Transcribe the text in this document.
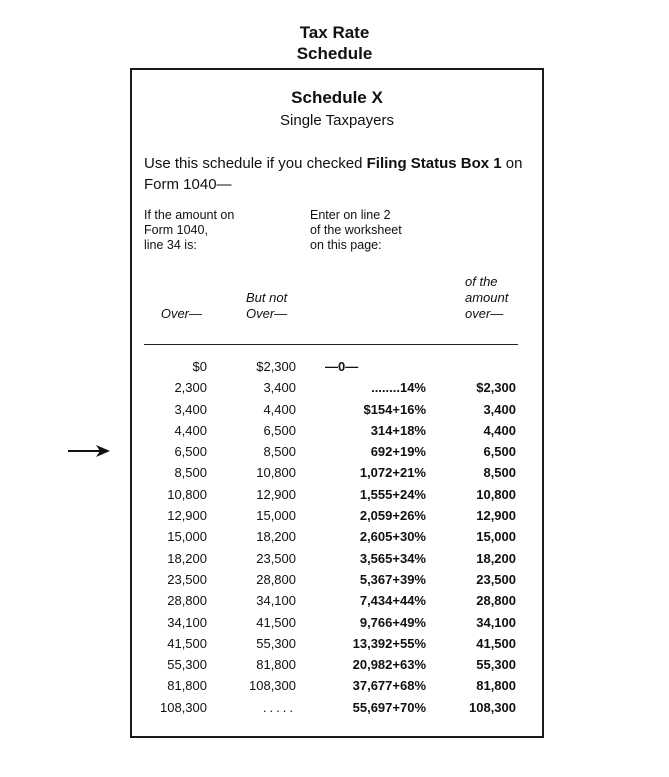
Tax Rate
Schedule
Schedule X
Single Taxpayers
Use this schedule if you checked Filing Status Box 1 on Form 1040—
If the amount on
Form 1040,
line 34 is:
Enter on line 2
of the worksheet
on this page:
Over—
But not
Over—
of the
amount
over—
$0	$2,300 —0—
2,300	3,400	........14%	$2,300
3,400	4,400	$154+16%	3,400
4,400	6,500	314+18%	4,400
6,500	8,500	692+19%	6,500
8,500	10,800	1,072+21%	8,500
10,800	12,900	1,555+24%	10,800
12,900	15,000	2,059+26%	12,900
15,000	18,200	2,605+30%	15,000
18,200	23,500	3,565+34%	18,200
23,500	28,800	5,367+39%	23,500
28,800	34,100	7,434+44%	28,800
34,100	41,500	9,766+49%	34,100
41,500	55,300	13,392+55%	41,500
55,300	81,800	20,982+63%	55,300
81,800	108,300	37,677+68%	81,800
108,300	.....	55,697+70%	108,300
